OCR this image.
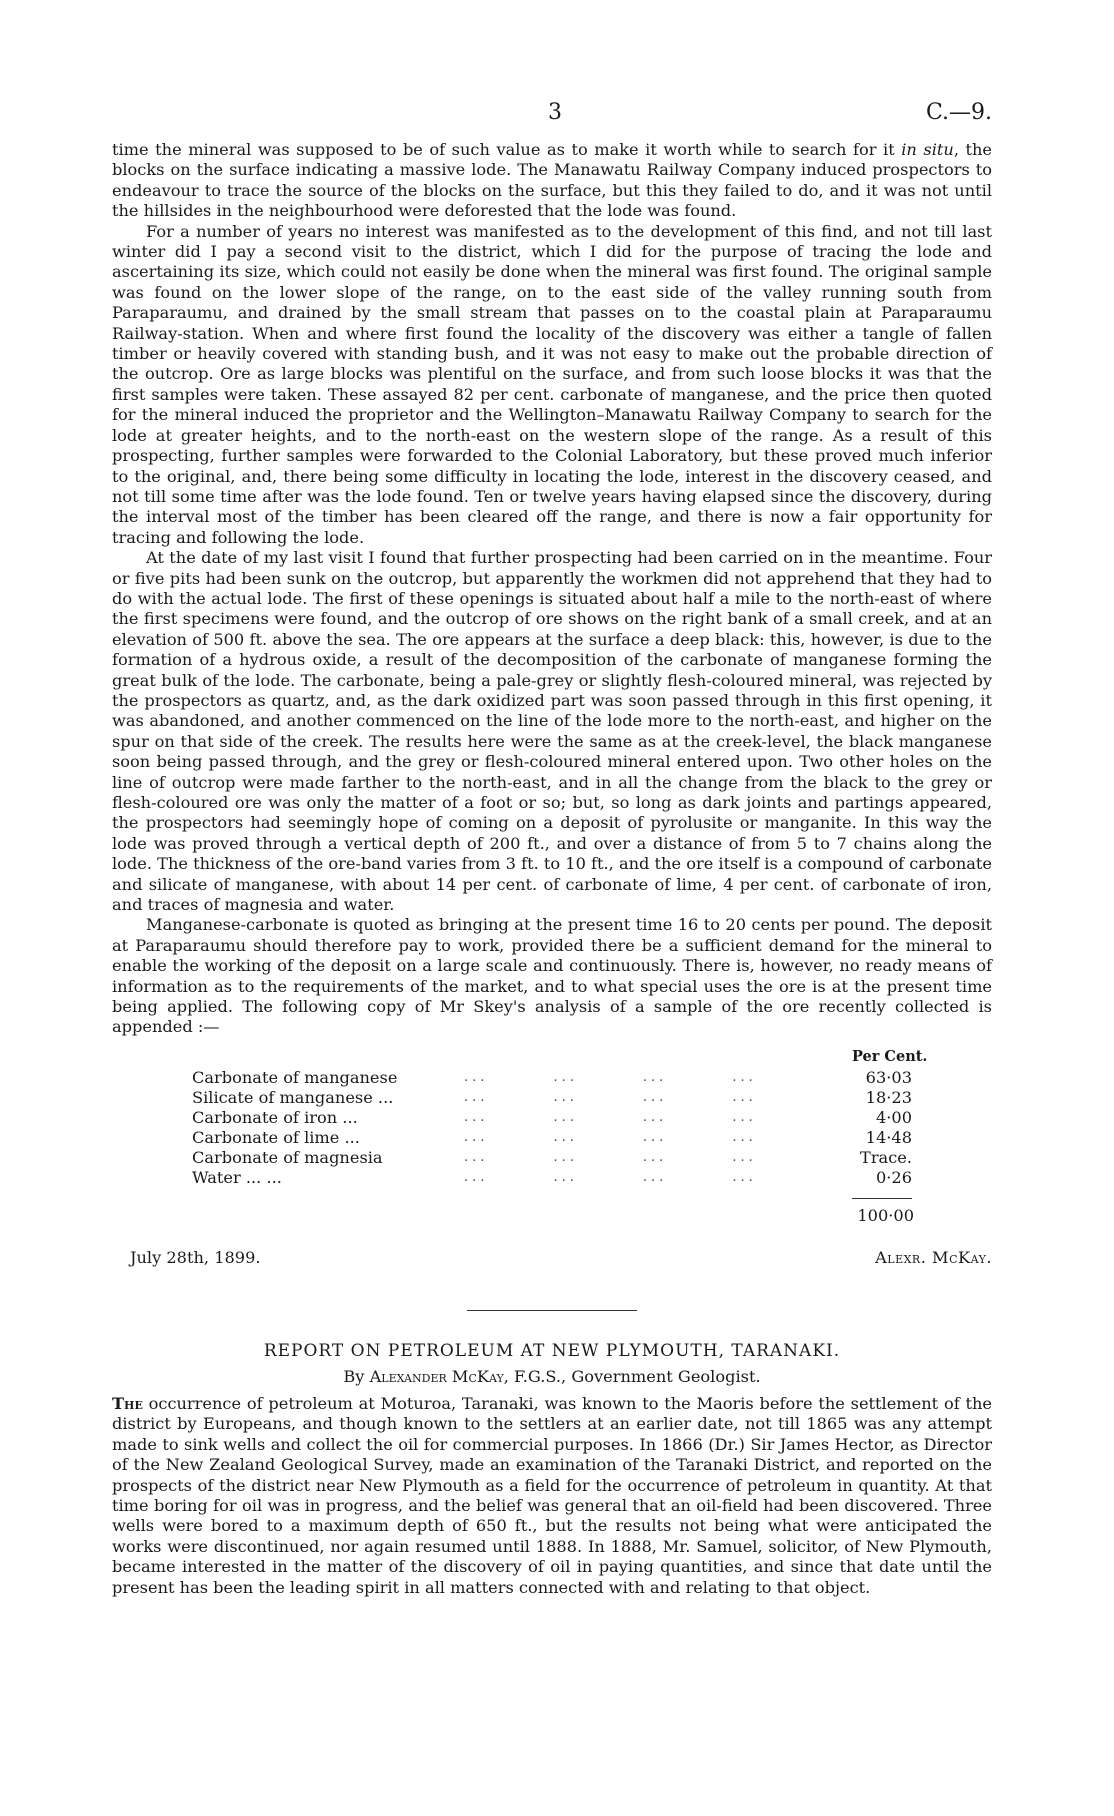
3	C.—9.

time the mineral was supposed to be of such value as to make it worth while to search for it in situ, the blocks on the surface indicating a massive lode. The Manawatu Railway Company induced prospectors to endeavour to trace the source of the blocks on the surface, but this they failed to do, and it was not until the hillsides in the neighbourhood were deforested that the lode was found.

For a number of years no interest was manifested as to the development of this find, and not till last winter did I pay a second visit to the district, which I did for the purpose of tracing the lode and ascertaining its size, which could not easily be done when the mineral was first found. The original sample was found on the lower slope of the range, on to the east side of the valley running south from Paraparaumu, and drained by the small stream that passes on to the coastal plain at Paraparaumu Railway-station. When and where first found the locality of the discovery was either a tangle of fallen timber or heavily covered with standing bush, and it was not easy to make out the probable direction of the outcrop. Ore as large blocks was plentiful on the surface, and from such loose blocks it was that the first samples were taken. These assayed 82 per cent. carbonate of manganese, and the price then quoted for the mineral induced the proprietor and the Wellington–Manawatu Railway Company to search for the lode at greater heights, and to the north-east on the western slope of the range. As a result of this prospecting, further samples were forwarded to the Colonial Laboratory, but these proved much inferior to the original, and, there being some difficulty in locating the lode, interest in the discovery ceased, and not till some time after was the lode found. Ten or twelve years having elapsed since the discovery, during the interval most of the timber has been cleared off the range, and there is now a fair opportunity for tracing and following the lode.

At the date of my last visit I found that further prospecting had been carried on in the meantime. Four or five pits had been sunk on the outcrop, but apparently the workmen did not apprehend that they had to do with the actual lode. The first of these openings is situated about half a mile to the north-east of where the first specimens were found, and the outcrop of ore shows on the right bank of a small creek, and at an elevation of 500 ft. above the sea. The ore appears at the surface a deep black: this, however, is due to the formation of a hydrous oxide, a result of the decomposition of the carbonate of manganese forming the great bulk of the lode. The carbonate, being a pale-grey or slightly flesh-coloured mineral, was rejected by the prospectors as quartz, and, as the dark oxidized part was soon passed through in this first opening, it was abandoned, and another commenced on the line of the lode more to the north-east, and higher on the spur on that side of the creek. The results here were the same as at the creek-level, the black manganese soon being passed through, and the grey or flesh-coloured mineral entered upon. Two other holes on the line of outcrop were made farther to the north-east, and in all the change from the black to the grey or flesh-coloured ore was only the matter of a foot or so; but, so long as dark joints and partings appeared, the prospectors had seemingly hope of coming on a deposit of pyrolusite or manganite. In this way the lode was proved through a vertical depth of 200 ft., and over a distance of from 5 to 7 chains along the lode. The thickness of the ore-band varies from 3 ft. to 10 ft., and the ore itself is a compound of carbonate and silicate of manganese, with about 14 per cent. of carbonate of lime, 4 per cent. of carbonate of iron, and traces of magnesia and water.

Manganese-carbonate is quoted as bringing at the present time 16 to 20 cents per pound. The deposit at Paraparaumu should therefore pay to work, provided there be a sufficient demand for the mineral to enable the working of the deposit on a large scale and continuously. There is, however, no ready means of information as to the requirements of the market, and to what special uses the ore is at the present time being applied. The following copy of Mr Skey's analysis of a sample of the ore recently collected is appended :—

Per Cent.
Carbonate of manganese	...        ...        ...        ...	63·03
Silicate of manganese ...	...        ...        ...        ...	18·23
Carbonate of iron ...	...        ...        ...        ...	4·00
Carbonate of lime ...	...        ...        ...        ...	14·48
Carbonate of magnesia	...        ...        ...        ...	Trace.
Water ... ...	...        ...        ...        ...	0·26
100·00
July 28th, 1899.	Alexr. McKay.
REPORT ON PETROLEUM AT NEW PLYMOUTH, TARANAKI.
By Alexander McKay, F.G.S., Government Geologist.

The occurrence of petroleum at Moturoa, Taranaki, was known to the Maoris before the settlement of the district by Europeans, and though known to the settlers at an earlier date, not till 1865 was any attempt made to sink wells and collect the oil for commercial purposes. In 1866 (Dr.) Sir James Hector, as Director of the New Zealand Geological Survey, made an examination of the Taranaki District, and reported on the prospects of the district near New Plymouth as a field for the occurrence of petroleum in quantity. At that time boring for oil was in progress, and the belief was general that an oil-field had been discovered. Three wells were bored to a maximum depth of 650 ft., but the results not being what were anticipated the works were discontinued, nor again resumed until 1888. In 1888, Mr. Samuel, solicitor, of New Plymouth, became interested in the matter of the discovery of oil in paying quantities, and since that date until the present has been the leading spirit in all matters connected with and relating to that object.
